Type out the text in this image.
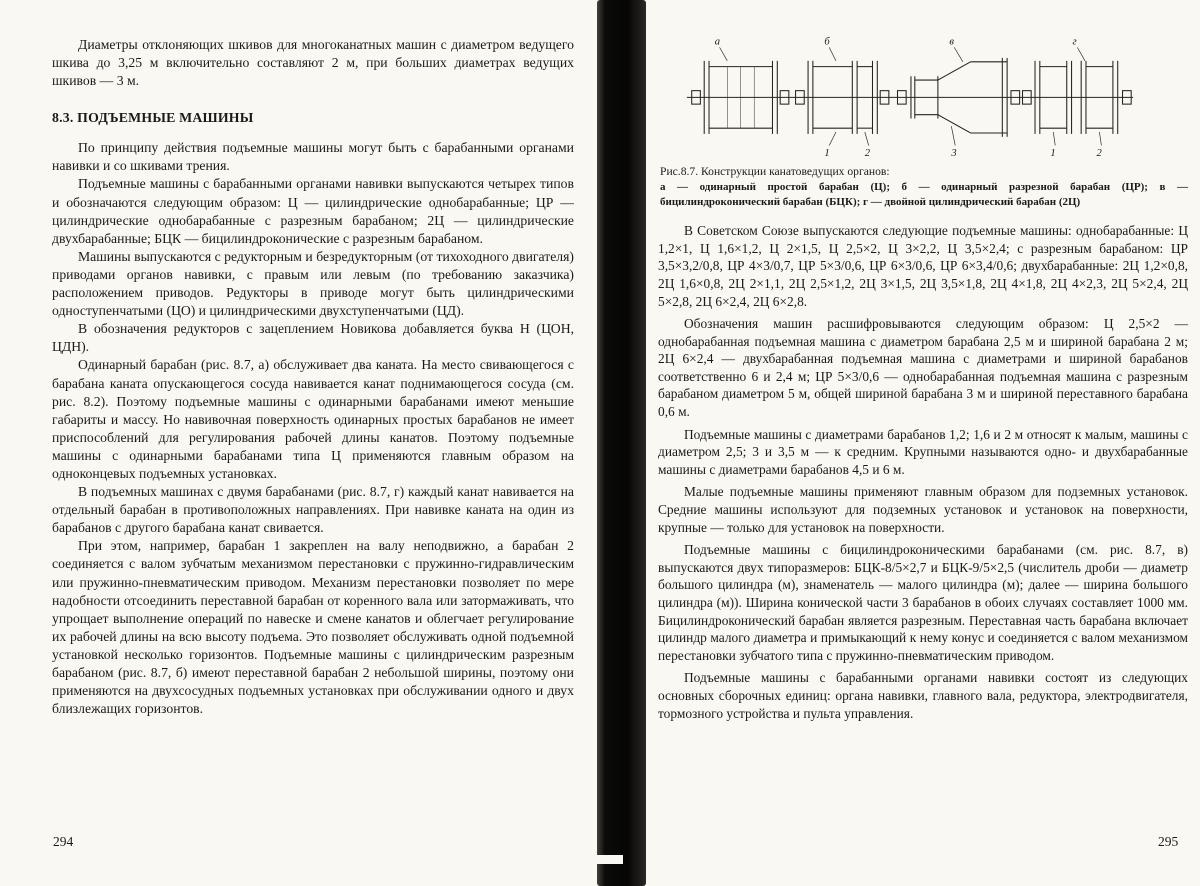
Диаметры отклоняющих шкивов для многоканатных машин с диаметром ведущего шкива до 3,25 м включительно составляют 2 м, при больших диаметрах ведущих шкивов — 3 м.

8.3. ПОДЪЕМНЫЕ МАШИНЫ

По принципу действия подъемные машины могут быть с барабанными органами навивки и со шкивами трения.

Подъемные машины с барабанными органами навивки выпускаются четырех типов и обозначаются следующим образом: Ц — цилиндрические однобарабанные; ЦР — цилиндрические однобарабанные с разрезным барабаном; 2Ц — цилиндрические двухбарабанные; БЦК — бицилиндроконические с разрезным барабаном.

Машины выпускаются с редукторным и безредукторным (от тихоходного двигателя) приводами органов навивки, с правым или левым (по требованию заказчика) расположением приводов. Редукторы в приводе могут быть цилиндрическими одноступенчатыми (ЦО) и цилиндрическими двухступенчатыми (ЦД).

В обозначения редукторов с зацеплением Новикова добавляется буква Н (ЦОН, ЦДН).

Одинарный барабан (рис. 8.7, а) обслуживает два каната. На место свивающегося с барабана каната опускающегося сосуда навивается канат поднимающегося сосуда (см. рис. 8.2). Поэтому подъемные машины с одинарными барабанами имеют меньшие габариты и массу. Но навивочная поверхность одинарных простых барабанов не имеет приспособлений для регулирования рабочей длины канатов. Поэтому подъемные машины с одинарными барабанами типа Ц применяются главным образом на одноконцевых подъемных установках.

В подъемных машинах с двумя барабанами (рис. 8.7, г) каждый канат навивается на отдельный барабан в противоположных направлениях. При навивке каната на один из барабанов с другого барабана канат свивается.

При этом, например, барабан 1 закреплен на валу неподвижно, а барабан 2 соединяется с валом зубчатым механизмом перестановки с пружинно-гидравлическим или пружинно-пневматическим приводом. Механизм перестановки позволяет по мере надобности отсоединить переставной барабан от коренного вала или затормаживать, что упрощает выполнение операций по навеске и смене канатов и облегчает регулирование их рабочей длины на всю высоту подъема. Это позволяет обслуживать одной подъемной установкой несколько горизонтов. Подъемные машины с цилиндрическим разрезным барабаном (рис. 8.7, б) имеют переставной барабан 2 небольшой ширины, поэтому они применяются на двухсосудных подъемных установках при обслуживании одного и двух близлежащих горизонтов.

а	б	в	г
1	2	3	1	2
Рис.8.7. Конструкции канатоведущих органов:
а — одинарный простой барабан (Ц); б — одинарный разрезной барабан (ЦР); в — бицилиндроконический барабан (БЦК); г — двойной цилиндрический барабан (2Ц)

В Советском Союзе выпускаются следующие подъемные машины: однобарабанные: Ц 1,2×1, Ц 1,6×1,2, Ц 2×1,5, Ц 2,5×2, Ц 3×2,2, Ц 3,5×2,4; с разрезным барабаном: ЦР 3,5×3,2/0,8, ЦР 4×3/0,7, ЦР 5×3/0,6, ЦР 6×3/0,6, ЦР 6×3,4/0,6; двухбарабанные: 2Ц 1,2×0,8, 2Ц 1,6×0,8, 2Ц 2×1,1, 2Ц 2,5×1,2, 2Ц 3×1,5, 2Ц 3,5×1,8, 2Ц 4×1,8, 2Ц 4×2,3, 2Ц 5×2,4, 2Ц 5×2,8, 2Ц 6×2,4, 2Ц 6×2,8.

Обозначения машин расшифровываются следующим образом: Ц 2,5×2 — однобарабанная подъемная машина с диаметром барабана 2,5 м и шириной барабана 2 м; 2Ц 6×2,4 — двухбарабанная подъемная машина с диаметрами и шириной барабанов соответственно 6 и 2,4 м; ЦР 5×3/0,6 — однобарабанная подъемная машина с разрезным барабаном диаметром 5 м, общей шириной барабана 3 м и шириной переставного барабана 0,6 м.

Подъемные машины с диаметрами барабанов 1,2; 1,6 и 2 м относят к малым, машины с диаметром 2,5; 3 и 3,5 м — к средним. Крупными называются одно- и двухбарабанные машины с диаметрами барабанов 4,5 и 6 м.

Малые подъемные машины применяют главным образом для подземных установок. Средние машины используют для подземных установок и установок на поверхности, крупные — только для установок на поверхности.

Подъемные машины с бицилиндроконическими барабанами (см. рис. 8.7, в) выпускаются двух типоразмеров: БЦК-8/5×2,7 и БЦК-9/5×2,5 (числитель дроби — диаметр большого цилиндра (м), знаменатель — малого цилиндра (м); далее — ширина большого цилиндра (м)). Ширина конической части 3 барабанов в обоих случаях составляет 1000 мм. Бицилиндроконический барабан является разрезным. Переставная часть барабана включает цилиндр малого диаметра и примыкающий к нему конус и соединяется с валом механизмом перестановки зубчатого типа с пружинно-пневматическим приводом.

Подъемные машины с барабанными органами навивки состоят из следующих основных сборочных единиц: органа навивки, главного вала, редуктора, электродвигателя, тормозного устройства и пульта управления.

294	295
